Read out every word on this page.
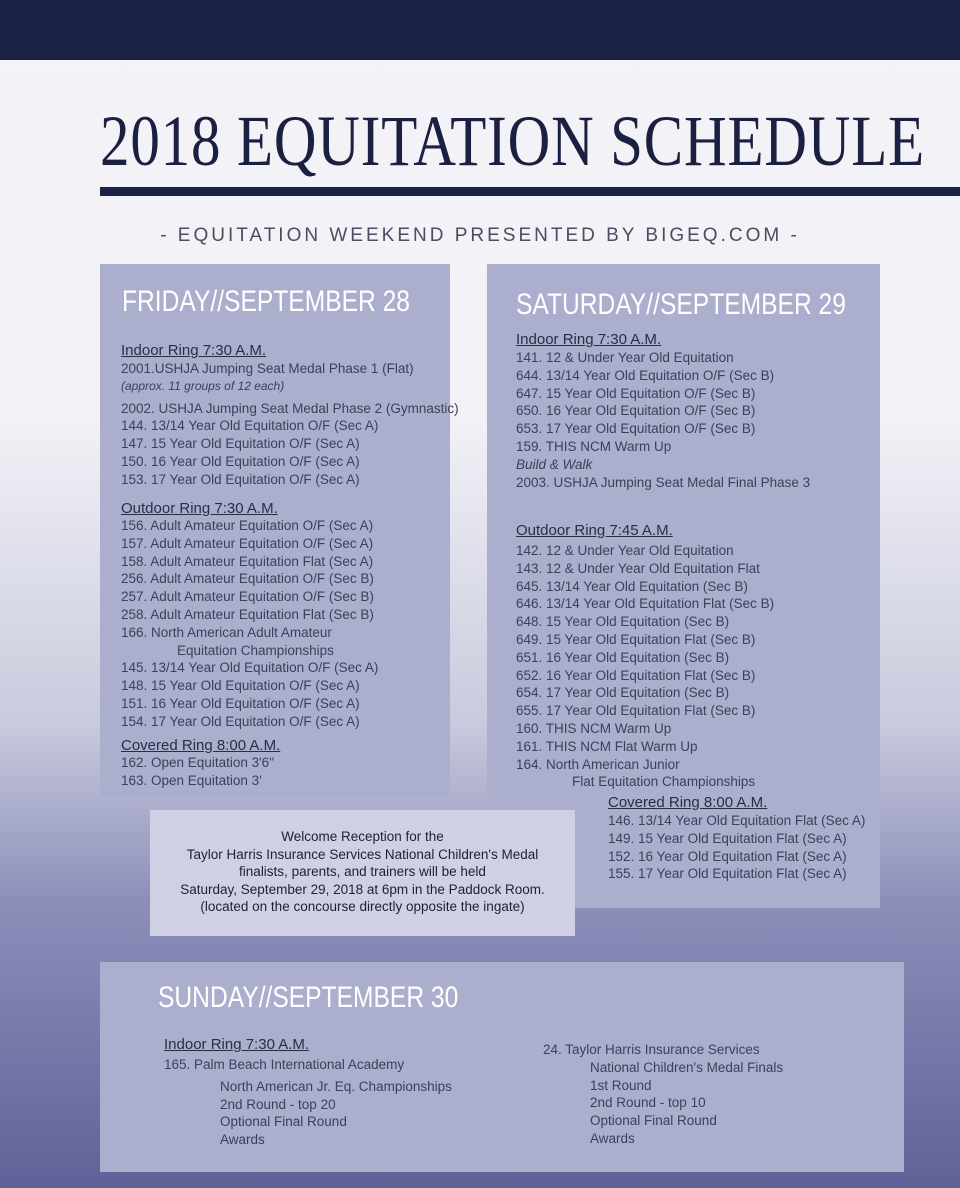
2018 EQUITATION SCHEDULE
- EQUITATION WEEKEND PRESENTED BY BIGEQ.COM -
FRIDAY//SEPTEMBER 28
Indoor Ring 7:30 A.M.
2001.USHJA Jumping Seat Medal Phase 1 (Flat)
(approx. 11 groups of 12 each)
2002. USHJA Jumping Seat Medal Phase 2 (Gymnastic)
144. 13/14 Year Old Equitation O/F (Sec A)
147. 15 Year Old Equitation O/F (Sec A)
150. 16 Year Old Equitation O/F (Sec A)
153. 17 Year Old Equitation O/F (Sec A)
Outdoor Ring 7:30 A.M.
156. Adult Amateur Equitation O/F (Sec A)
157. Adult Amateur Equitation O/F (Sec A)
158. Adult Amateur Equitation Flat (Sec A)
256. Adult Amateur Equitation O/F (Sec B)
257. Adult Amateur Equitation O/F (Sec B)
258. Adult Amateur Equitation Flat (Sec B)
166. North American Adult Amateur
Equitation Championships
145. 13/14 Year Old Equitation O/F (Sec A)
148. 15 Year Old Equitation O/F (Sec A)
151. 16 Year Old Equitation O/F (Sec A)
154. 17 Year Old Equitation O/F (Sec A)
Covered Ring 8:00 A.M.
162. Open Equitation 3'6"
163. Open Equitation 3'
SATURDAY//SEPTEMBER 29
Indoor Ring 7:30 A.M.
141. 12 & Under Year Old Equitation
644. 13/14 Year Old Equitation O/F (Sec B)
647. 15 Year Old Equitation O/F (Sec B)
650. 16 Year Old Equitation O/F (Sec B)
653. 17 Year Old Equitation O/F (Sec B)
159. THIS NCM Warm Up
Build & Walk
2003. USHJA Jumping Seat Medal Final Phase 3
Outdoor Ring 7:45 A.M.
142. 12 & Under Year Old Equitation
143. 12 & Under Year Old Equitation Flat
645. 13/14 Year Old Equitation (Sec B)
646. 13/14 Year Old Equitation Flat (Sec B)
648. 15 Year Old Equitation (Sec B)
649. 15 Year Old Equitation Flat (Sec B)
651. 16 Year Old Equitation (Sec B)
652. 16 Year Old Equitation Flat (Sec B)
654. 17 Year Old Equitation (Sec B)
655. 17 Year Old Equitation Flat (Sec B)
160. THIS NCM Warm Up
161. THIS NCM Flat Warm Up
164. North American Junior
Flat Equitation Championships
Covered Ring 8:00 A.M.
146. 13/14 Year Old Equitation Flat (Sec A)
149. 15 Year Old Equitation Flat (Sec A)
152. 16 Year Old Equitation Flat (Sec A)
155. 17 Year Old Equitation Flat (Sec A)
Welcome Reception for the
Taylor Harris Insurance Services National Children's Medal
finalists, parents, and trainers will be held
Saturday, September 29, 2018 at 6pm in the Paddock Room.
(located on the concourse directly opposite the ingate)
SUNDAY//SEPTEMBER 30
Indoor Ring 7:30 A.M.
165. Palm Beach International Academy
North American Jr. Eq. Championships
2nd Round - top 20
Optional Final Round
Awards
24. Taylor Harris Insurance Services
National Children's Medal Finals
1st Round
2nd Round - top 10
Optional Final Round
Awards
